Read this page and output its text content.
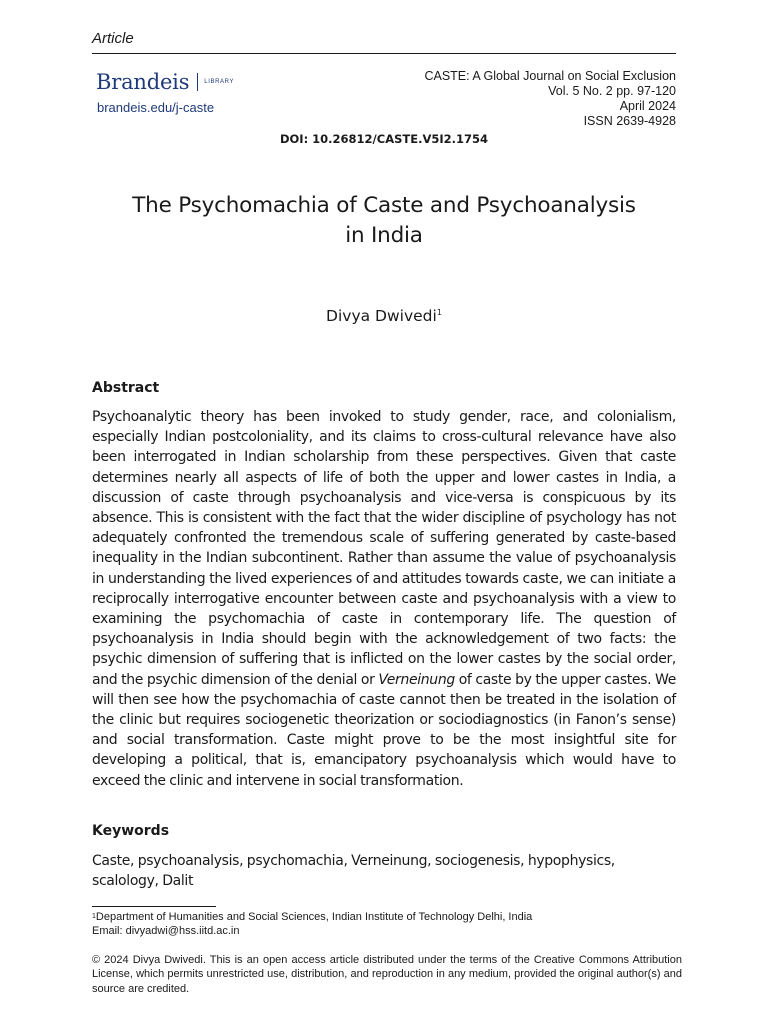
Article
Brandeis	LIBRARY
brandeis.edu/j-caste
CASTE: A Global Journal on Social Exclusion
Vol. 5 No. 2 pp. 97-120
April 2024
ISSN 2639-4928
DOI: 10.26812/CASTE.V5I2.1754
The Psychomachia of Caste and Psychoanalysis
in India
Divya Dwivedi$^1$
Abstract
Psychoanalytic theory has been invoked to study gender, race, and colonialism, especially Indian postcoloniality, and its claims to cross-cultural relevance have also been interrogated in Indian scholarship from these perspectives. Given that caste determines nearly all aspects of life of both the upper and lower castes in India, a discussion of caste through psychoanalysis and vice-versa is conspicuous by its absence. This is consistent with the fact that the wider discipline of psychology has not adequately confronted the tremendous scale of suffering generated by caste-based inequality in the Indian subcontinent. Rather than assume the value of psychoanalysis in understanding the lived experiences of and attitudes towards caste, we can initiate a reciprocally interrogative encounter between caste and psychoanalysis with a view to examining the psychomachia of caste in contemporary life. The question of psychoanalysis in India should begin with the acknowledgement of two facts: the psychic dimension of suffering that is inflicted on the lower castes by the social order, and the psychic dimension of the denial or Verneinung of caste by the upper castes. We will then see how the psychomachia of caste cannot then be treated in the isolation of the clinic but requires sociogenetic theorization or sociodiagnostics (in Fanon’s sense) and social transformation. Caste might prove to be the most insightful site for developing a political, that is, emancipatory psychoanalysis which would have to exceed the clinic and intervene in social transformation.
Keywords
Caste, psychoanalysis, psychomachia, Verneinung, sociogenesis, hypophysics, scalology, Dalit
$^1$Department of Humanities and Social Sciences, Indian Institute of Technology Delhi, India
Email: divyadwi@hss.iitd.ac.in
© 2024 Divya Dwivedi. This is an open access article distributed under the terms of the Creative Commons Attribution License, which permits unrestricted use, distribution, and reproduction in any medium, provided the original author(s) and source are credited.
